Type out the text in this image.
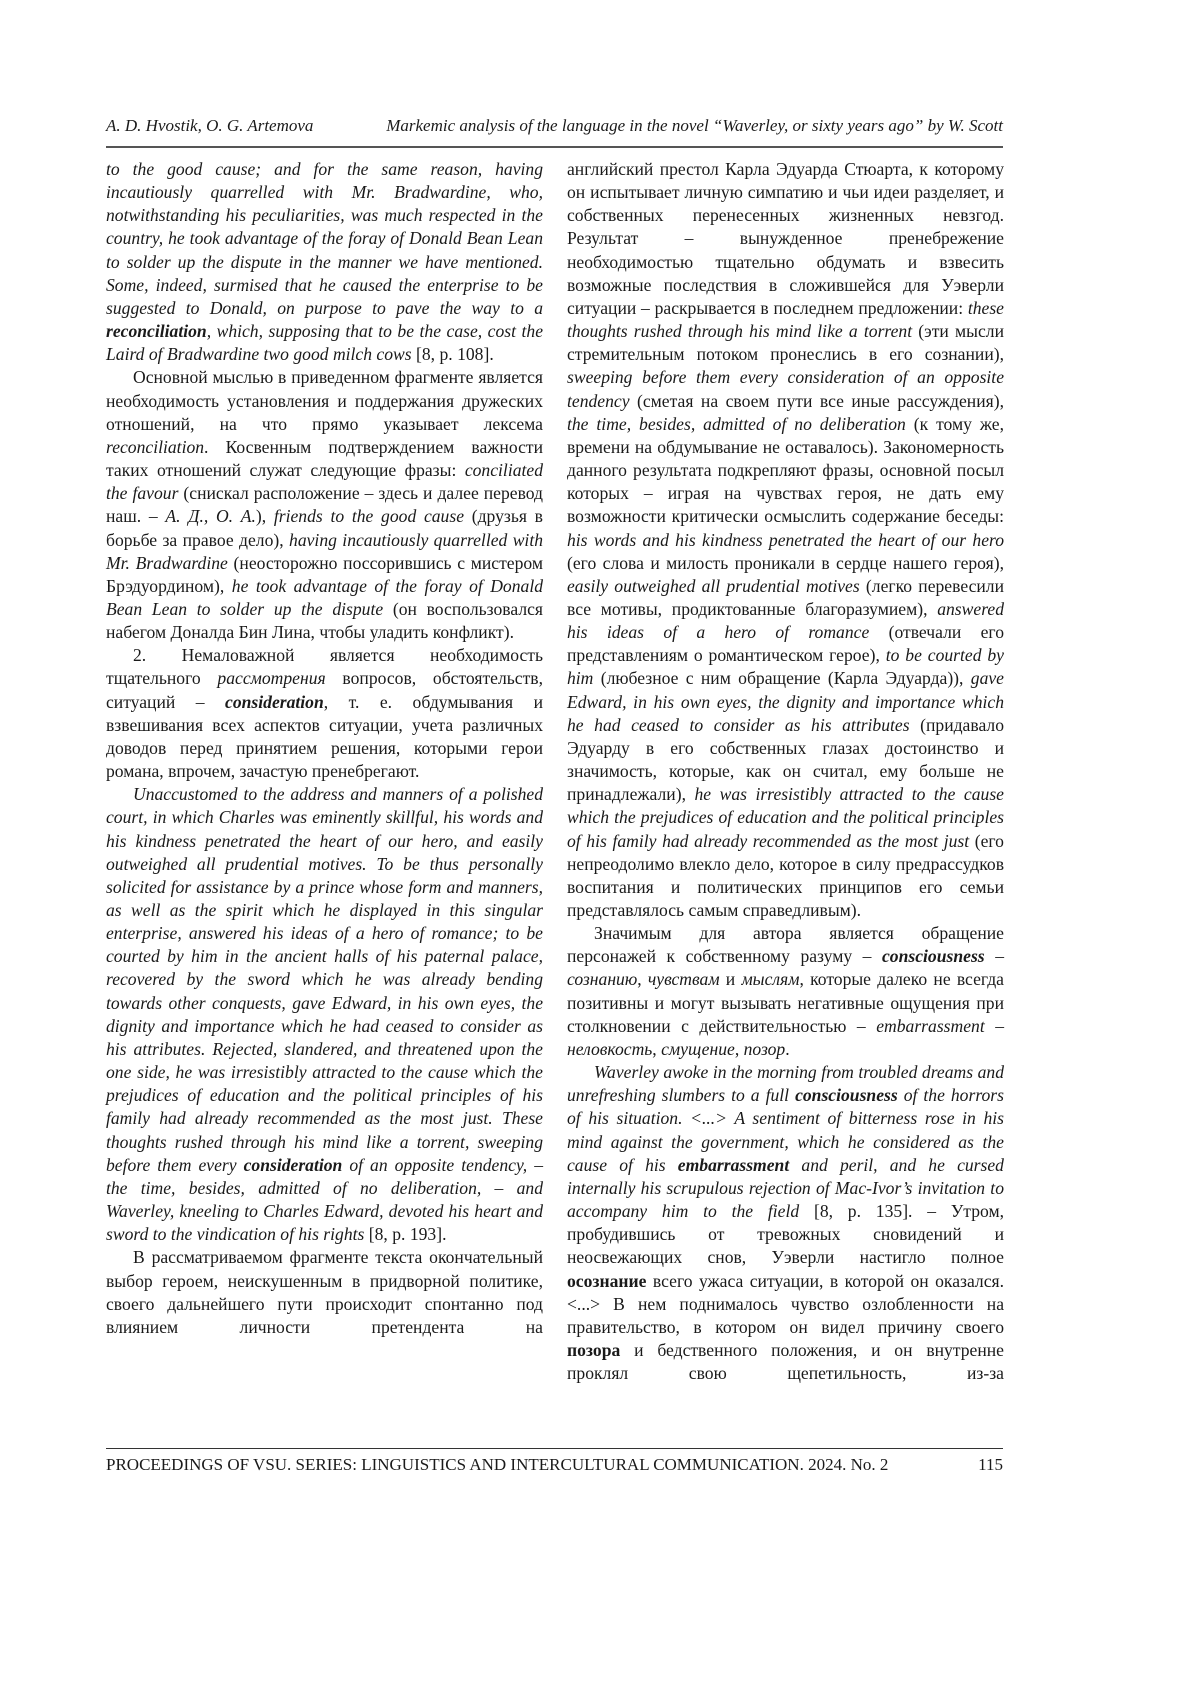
A. D. Hvostik, O. G. Artemova	Markemic analysis of the language in the novel “Waverley, or sixty years ago” by W. Scott

to the good cause; and for the same reason, having incautiously quarrelled with Mr. Bradwardine, who, notwithstanding his peculiarities, was much respected in the country, he took advantage of the foray of Donald Bean Lean to solder up the dispute in the manner we have mentioned. Some, indeed, surmised that he caused the enterprise to be suggested to Donald, on purpose to pave the way to a reconciliation, which, supposing that to be the case, cost the Laird of Bradwardine two good milch cows [8, p. 108].

Основной мыслью в приведенном фрагменте является необходимость установления и поддержания дружеских отношений, на что прямо указывает лексема reconciliation. Косвенным подтверждением важности таких отношений служат следующие фразы: conciliated the favour (снискал расположение – здесь и далее перевод наш. – А. Д., О. А.), friends to the good cause (друзья в борьбе за правое дело), having incautiously quarrelled with Mr. Bradwardine (неосторожно поссорившись с мистером Брэдуордином), he took advantage of the foray of Donald Bean Lean to solder up the dispute (он воспользовался набегом Доналда Бин Лина, чтобы уладить конфликт).

2. Немаловажной является необходимость тщательного рассмотрения вопросов, обстоятельств, ситуаций – consideration, т. е. обдумывания и взвешивания всех аспектов ситуации, учета различных доводов перед принятием решения, которыми герои романа, впрочем, зачастую пренебрегают.

Unaccustomed to the address and manners of a polished court, in which Charles was eminently skillful, his words and his kindness penetrated the heart of our hero, and easily outweighed all prudential motives. To be thus personally solicited for assistance by a prince whose form and manners, as well as the spirit which he displayed in this singular enterprise, answered his ideas of a hero of romance; to be courted by him in the ancient halls of his paternal palace, recovered by the sword which he was already bending towards other conquests, gave Edward, in his own eyes, the dignity and importance which he had ceased to consider as his attributes. Rejected, slandered, and threatened upon the one side, he was irresistibly attracted to the cause which the prejudices of education and the political principles of his family had already recommended as the most just. These thoughts rushed through his mind like a torrent, sweeping before them every consideration of an opposite tendency, – the time, besides, admitted of no deliberation, – and Waverley, kneeling to Charles Edward, devoted his heart and sword to the vindication of his rights [8, p. 193].

В рассматриваемом фрагменте текста окончательный выбор героем, неискушенным в придворной политике, своего дальнейшего пути происходит спонтанно под влиянием личности претендента на

английский престол Карла Эдуарда Стюарта, к которому он испытывает личную симпатию и чьи идеи разделяет, и собственных перенесенных жизненных невзгод. Результат – вынужденное пренебрежение необходимостью тщательно обдумать и взвесить возможные последствия в сложившейся для Уэверли ситуации – раскрывается в последнем предложении: these thoughts rushed through his mind like a torrent (эти мысли стремительным потоком пронеслись в его сознании), sweeping before them every consideration of an opposite tendency (сметая на своем пути все иные рассуждения), the time, besides, admitted of no deliberation (к тому же, времени на обдумывание не оставалось). Закономерность данного результата подкрепляют фразы, основной посыл которых – играя на чувствах героя, не дать ему возможности критически осмыслить содержание беседы: his words and his kindness penetrated the heart of our hero (его слова и милость проникали в сердце нашего героя), easily outweighed all prudential motives (легко перевесили все мотивы, продиктованные благоразумием), answered his ideas of a hero of romance (отвечали его представлениям о романтическом герое), to be courted by him (любезное с ним обращение (Карла Эдуарда)), gave Edward, in his own eyes, the dignity and importance which he had ceased to consider as his attributes (придавало Эдуарду в его собственных глазах достоинство и значимость, которые, как он считал, ему больше не принадлежали), he was irresistibly attracted to the cause which the prejudices of education and the political principles of his family had already recommended as the most just (его непреодолимо влекло дело, которое в силу предрассудков воспитания и политических принципов его семьи представлялось самым справедливым).

Значимым для автора является обращение персонажей к собственному разуму – consciousness – сознанию, чувствам и мыслям, которые далеко не всегда позитивны и могут вызывать негативные ощущения при столкновении с действительностью – embarrassment – неловкость, смущение, позор.

Waverley awoke in the morning from troubled dreams and unrefreshing slumbers to a full consciousness of the horrors of his situation. <...> A sentiment of bitterness rose in his mind against the government, which he considered as the cause of his embarrassment and peril, and he cursed internally his scrupulous rejection of Mac-Ivor’s invitation to accompany him to the field [8, p. 135]. – Утром, пробудившись от тревожных сновидений и неосвежающих снов, Уэверли настигло полное осознание всего ужаса ситуации, в которой он оказался. <...> В нем поднималось чувство озлобленности на правительство, в котором он видел причину своего позора и бедственного положения, и он внутренне проклял свою щепетильность, из-за

PROCEEDINGS OF VSU. SERIES: LINGUISTICS AND INTERCULTURAL COMMUNICATION. 2024. No. 2	115
